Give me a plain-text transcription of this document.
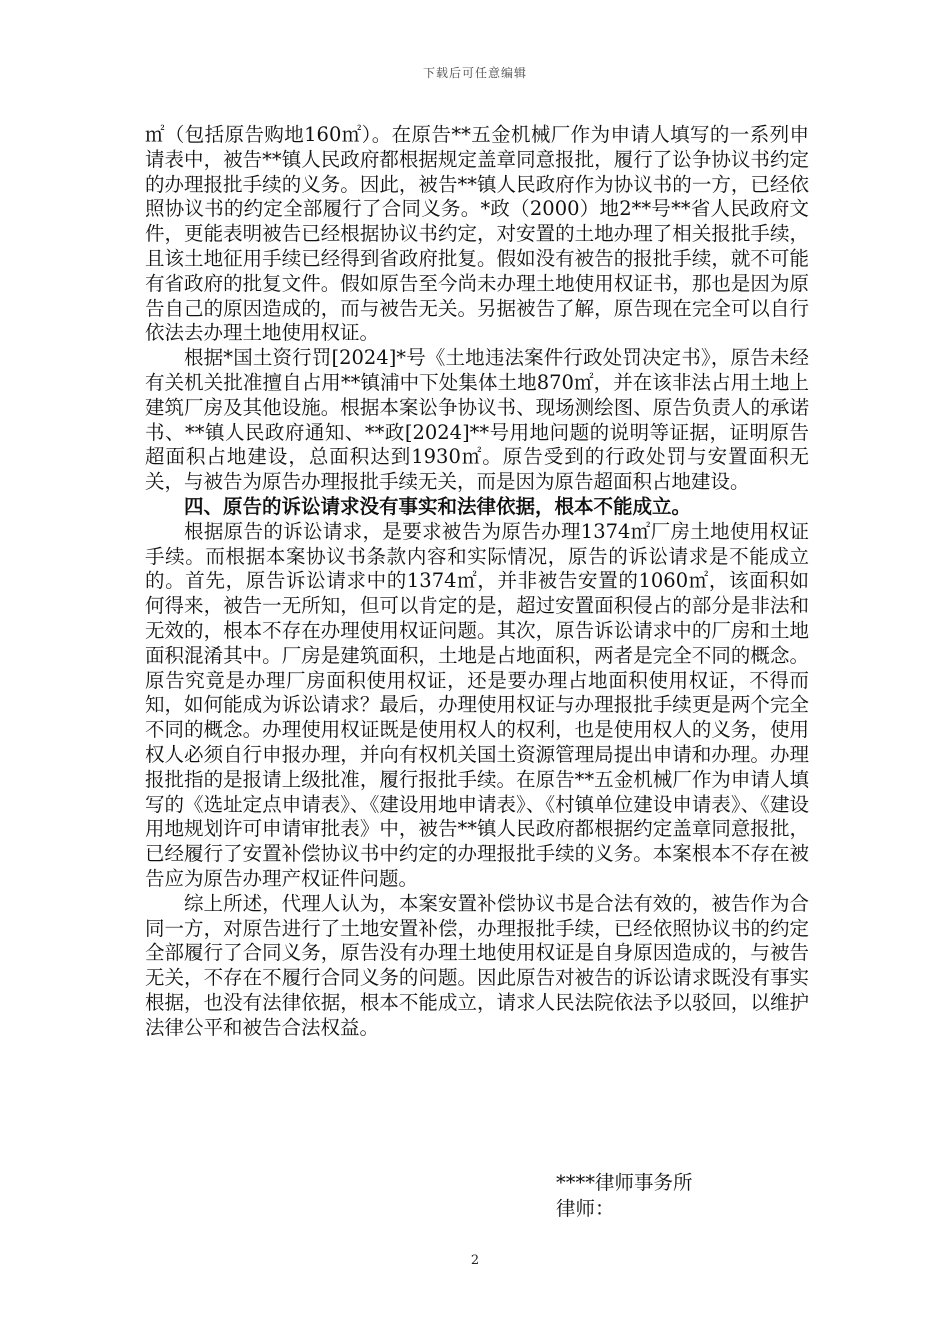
下载后可任意编辑

㎡（包括原告购地160㎡）。在原告**五金机械厂作为申请人填写的一系列申请表中，被告**镇人民政府都根据规定盖章同意报批，履行了讼争协议书约定的办理报批手续的义务。因此，被告**镇人民政府作为协议书的一方，已经依照协议书的约定全部履行了合同义务。*政（2000）地2**号**省人民政府文件，更能表明被告已经根据协议书约定，对安置的土地办理了相关报批手续，且该土地征用手续已经得到省政府批复。假如没有被告的报批手续，就不可能有省政府的批复文件。假如原告至今尚未办理土地使用权证书，那也是因为原告自己的原因造成的，而与被告无关。另据被告了解，原告现在完全可以自行依法去办理土地使用权证。

根据*国土资行罚[2024]*号《土地违法案件行政处罚决定书》，原告未经有关机关批准擅自占用**镇浦中下处集体土地870㎡，并在该非法占用土地上建筑厂房及其他设施。根据本案讼争协议书、现场测绘图、原告负责人的承诺书、**镇人民政府通知、**政[2024]**号用地问题的说明等证据，证明原告超面积占地建设，总面积达到1930㎡。原告受到的行政处罚与安置面积无关，与被告为原告办理报批手续无关，而是因为原告超面积占地建设。

四、原告的诉讼请求没有事实和法律依据，根本不能成立。

根据原告的诉讼请求，是要求被告为原告办理1374㎡厂房土地使用权证手续。而根据本案协议书条款内容和实际情况，原告的诉讼请求是不能成立的。首先，原告诉讼请求中的1374㎡，并非被告安置的1060㎡，该面积如何得来，被告一无所知，但可以肯定的是，超过安置面积侵占的部分是非法和无效的，根本不存在办理使用权证问题。其次，原告诉讼请求中的厂房和土地面积混淆其中。厂房是建筑面积，土地是占地面积，两者是完全不同的概念。原告究竟是办理厂房面积使用权证，还是要办理占地面积使用权证，不得而知，如何能成为诉讼请求？最后，办理使用权证与办理报批手续更是两个完全不同的概念。办理使用权证既是使用权人的权利，也是使用权人的义务，使用权人必须自行申报办理，并向有权机关国土资源管理局提出申请和办理。办理报批指的是报请上级批准，履行报批手续。在原告**五金机械厂作为申请人填写的《选址定点申请表》、《建设用地申请表》、《村镇单位建设申请表》、《建设用地规划许可申请审批表》中，被告**镇人民政府都根据约定盖章同意报批，已经履行了安置补偿协议书中约定的办理报批手续的义务。本案根本不存在被告应为原告办理产权证件问题。

综上所述，代理人认为，本案安置补偿协议书是合法有效的，被告作为合同一方，对原告进行了土地安置补偿，办理报批手续，已经依照协议书的约定全部履行了合同义务，原告没有办理土地使用权证是自身原因造成的，与被告无关，不存在不履行合同义务的问题。因此原告对被告的诉讼请求既没有事实根据，也没有法律依据，根本不能成立，请求人民法院依法予以驳回，以维护法律公平和被告合法权益。

****律师事务所
律师：
2
